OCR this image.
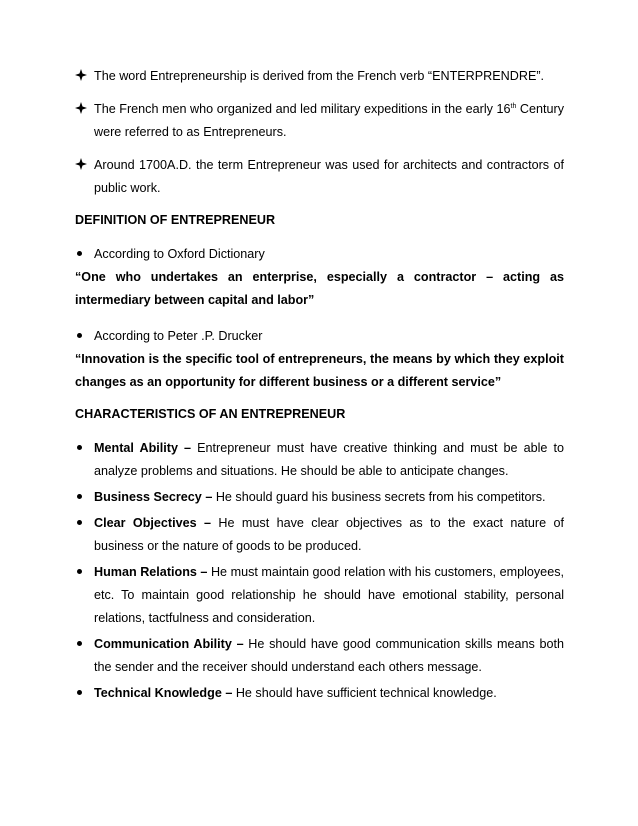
The word Entrepreneurship is derived from the French verb “ENTERPRENDRE”.
The French men who organized and led military expeditions in the early 16th Century were referred to as Entrepreneurs.
Around 1700A.D. the term Entrepreneur was used for architects and contractors of public work.
DEFINITION OF ENTREPRENEUR
According to Oxford Dictionary
“One who undertakes an enterprise, especially a contractor – acting as intermediary between capital and labor”
According to Peter .P. Drucker
“Innovation is the specific tool of entrepreneurs, the means by which they exploit changes as an opportunity for different business or a different service”
CHARACTERISTICS OF AN ENTREPRENEUR
Mental Ability – Entrepreneur must have creative thinking and must be able to analyze problems and situations. He should be able to anticipate changes.
Business Secrecy – He should guard his business secrets from his competitors.
Clear Objectives – He must have clear objectives as to the exact nature of business or the nature of goods to be produced.
Human Relations – He must maintain good relation with his customers, employees, etc. To maintain good relationship he should have emotional stability, personal relations, tactfulness and consideration.
Communication Ability – He should have good communication skills means both the sender and the receiver should understand each others message.
Technical Knowledge – He should have sufficient technical knowledge.
